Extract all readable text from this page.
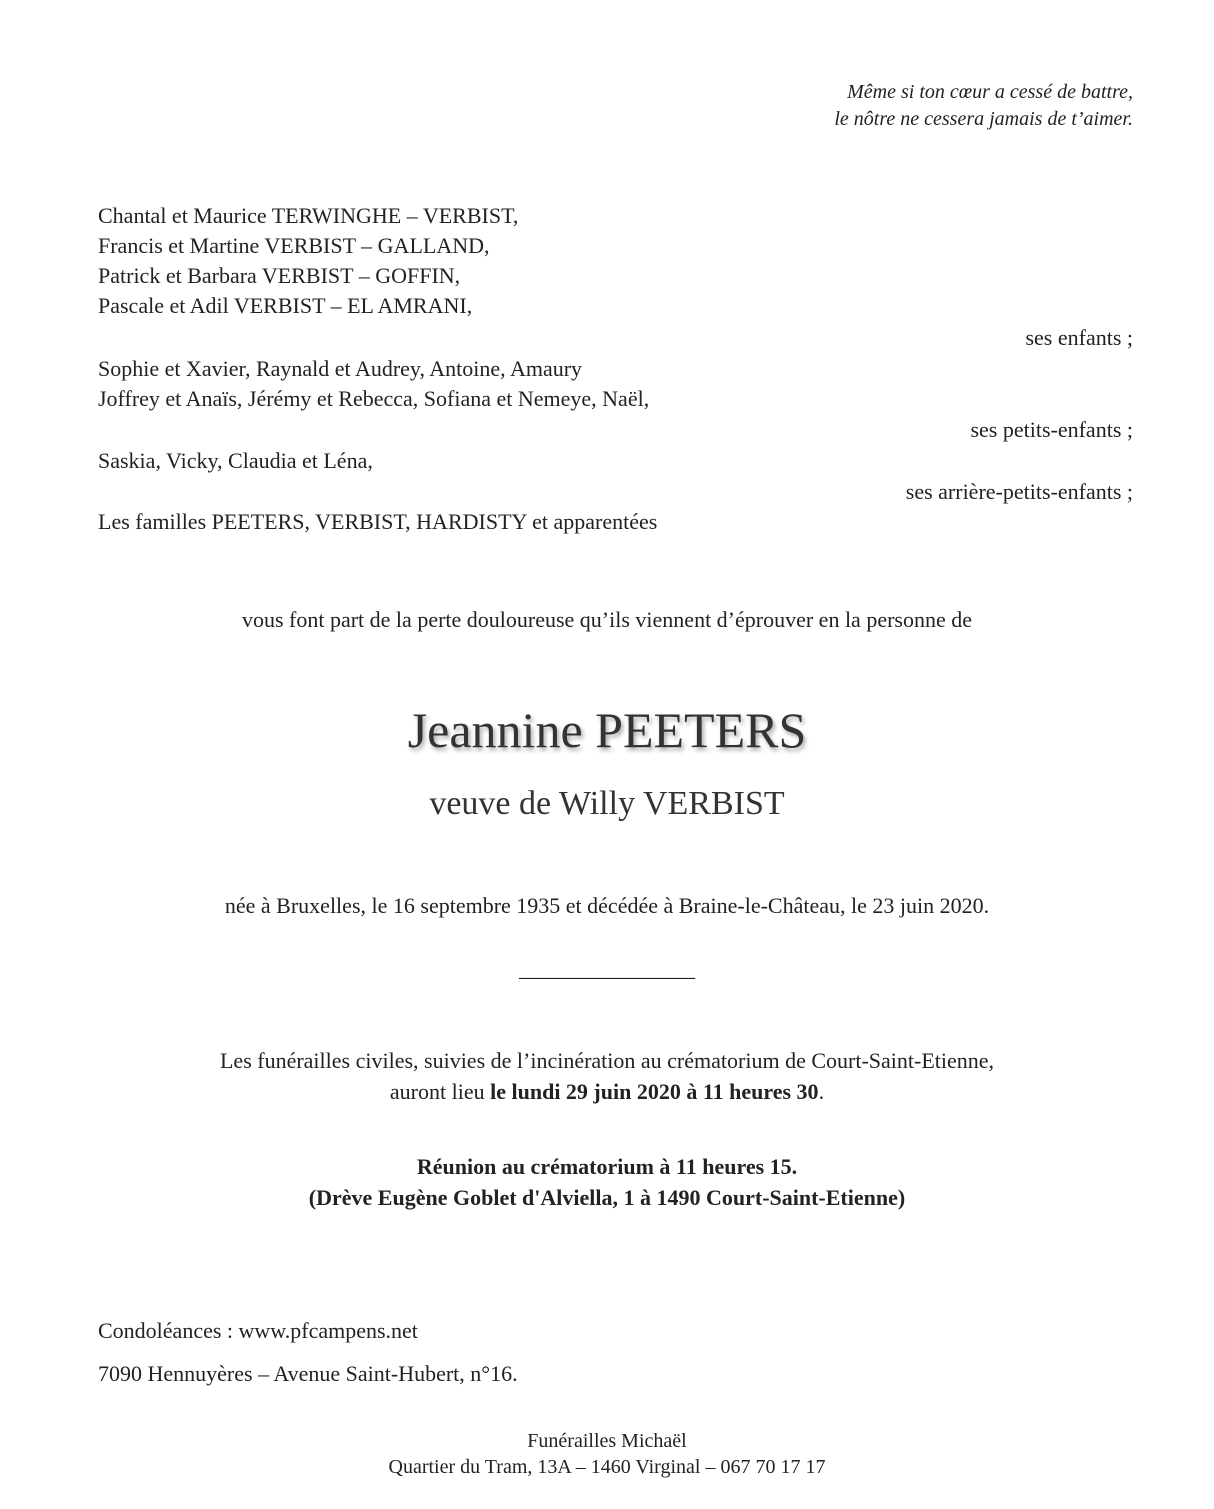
Même si ton cœur a cessé de battre,
le nôtre ne cessera jamais de t’aimer.
Chantal et Maurice TERWINGHE – VERBIST,
Francis et Martine VERBIST – GALLAND,
Patrick et Barbara VERBIST – GOFFIN,
Pascale et Adil VERBIST – EL AMRANI,
ses enfants ;
Sophie et Xavier, Raynald et Audrey, Antoine, Amaury
Joffrey et Anaïs, Jérémy et Rebecca, Sofiana et Nemeye, Naël,
ses petits-enfants ;
Saskia, Vicky, Claudia et Léna,
ses arrière-petits-enfants ;
Les familles PEETERS, VERBIST, HARDISTY et apparentées
vous font part de la perte douloureuse qu’ils viennent d’éprouver en la personne de
Jeannine PEETERS
veuve de Willy VERBIST
née à Bruxelles, le 16 septembre 1935 et décédée à Braine-le-Château, le 23 juin 2020.
________________
Les funérailles civiles, suivies de l’incinération au crématorium de Court-Saint-Etienne,
auront lieu le lundi 29 juin 2020 à 11 heures 30.
Réunion au crématorium à 11 heures 15.
(Drève Eugène Goblet d'Alviella, 1 à 1490 Court-Saint-Etienne)
Condoléances : www.pfcampens.net
7090 Hennuyères – Avenue Saint-Hubert, n°16.
Funérailles Michaël
Quartier du Tram, 13A – 1460 Virginal – 067 70 17 17
